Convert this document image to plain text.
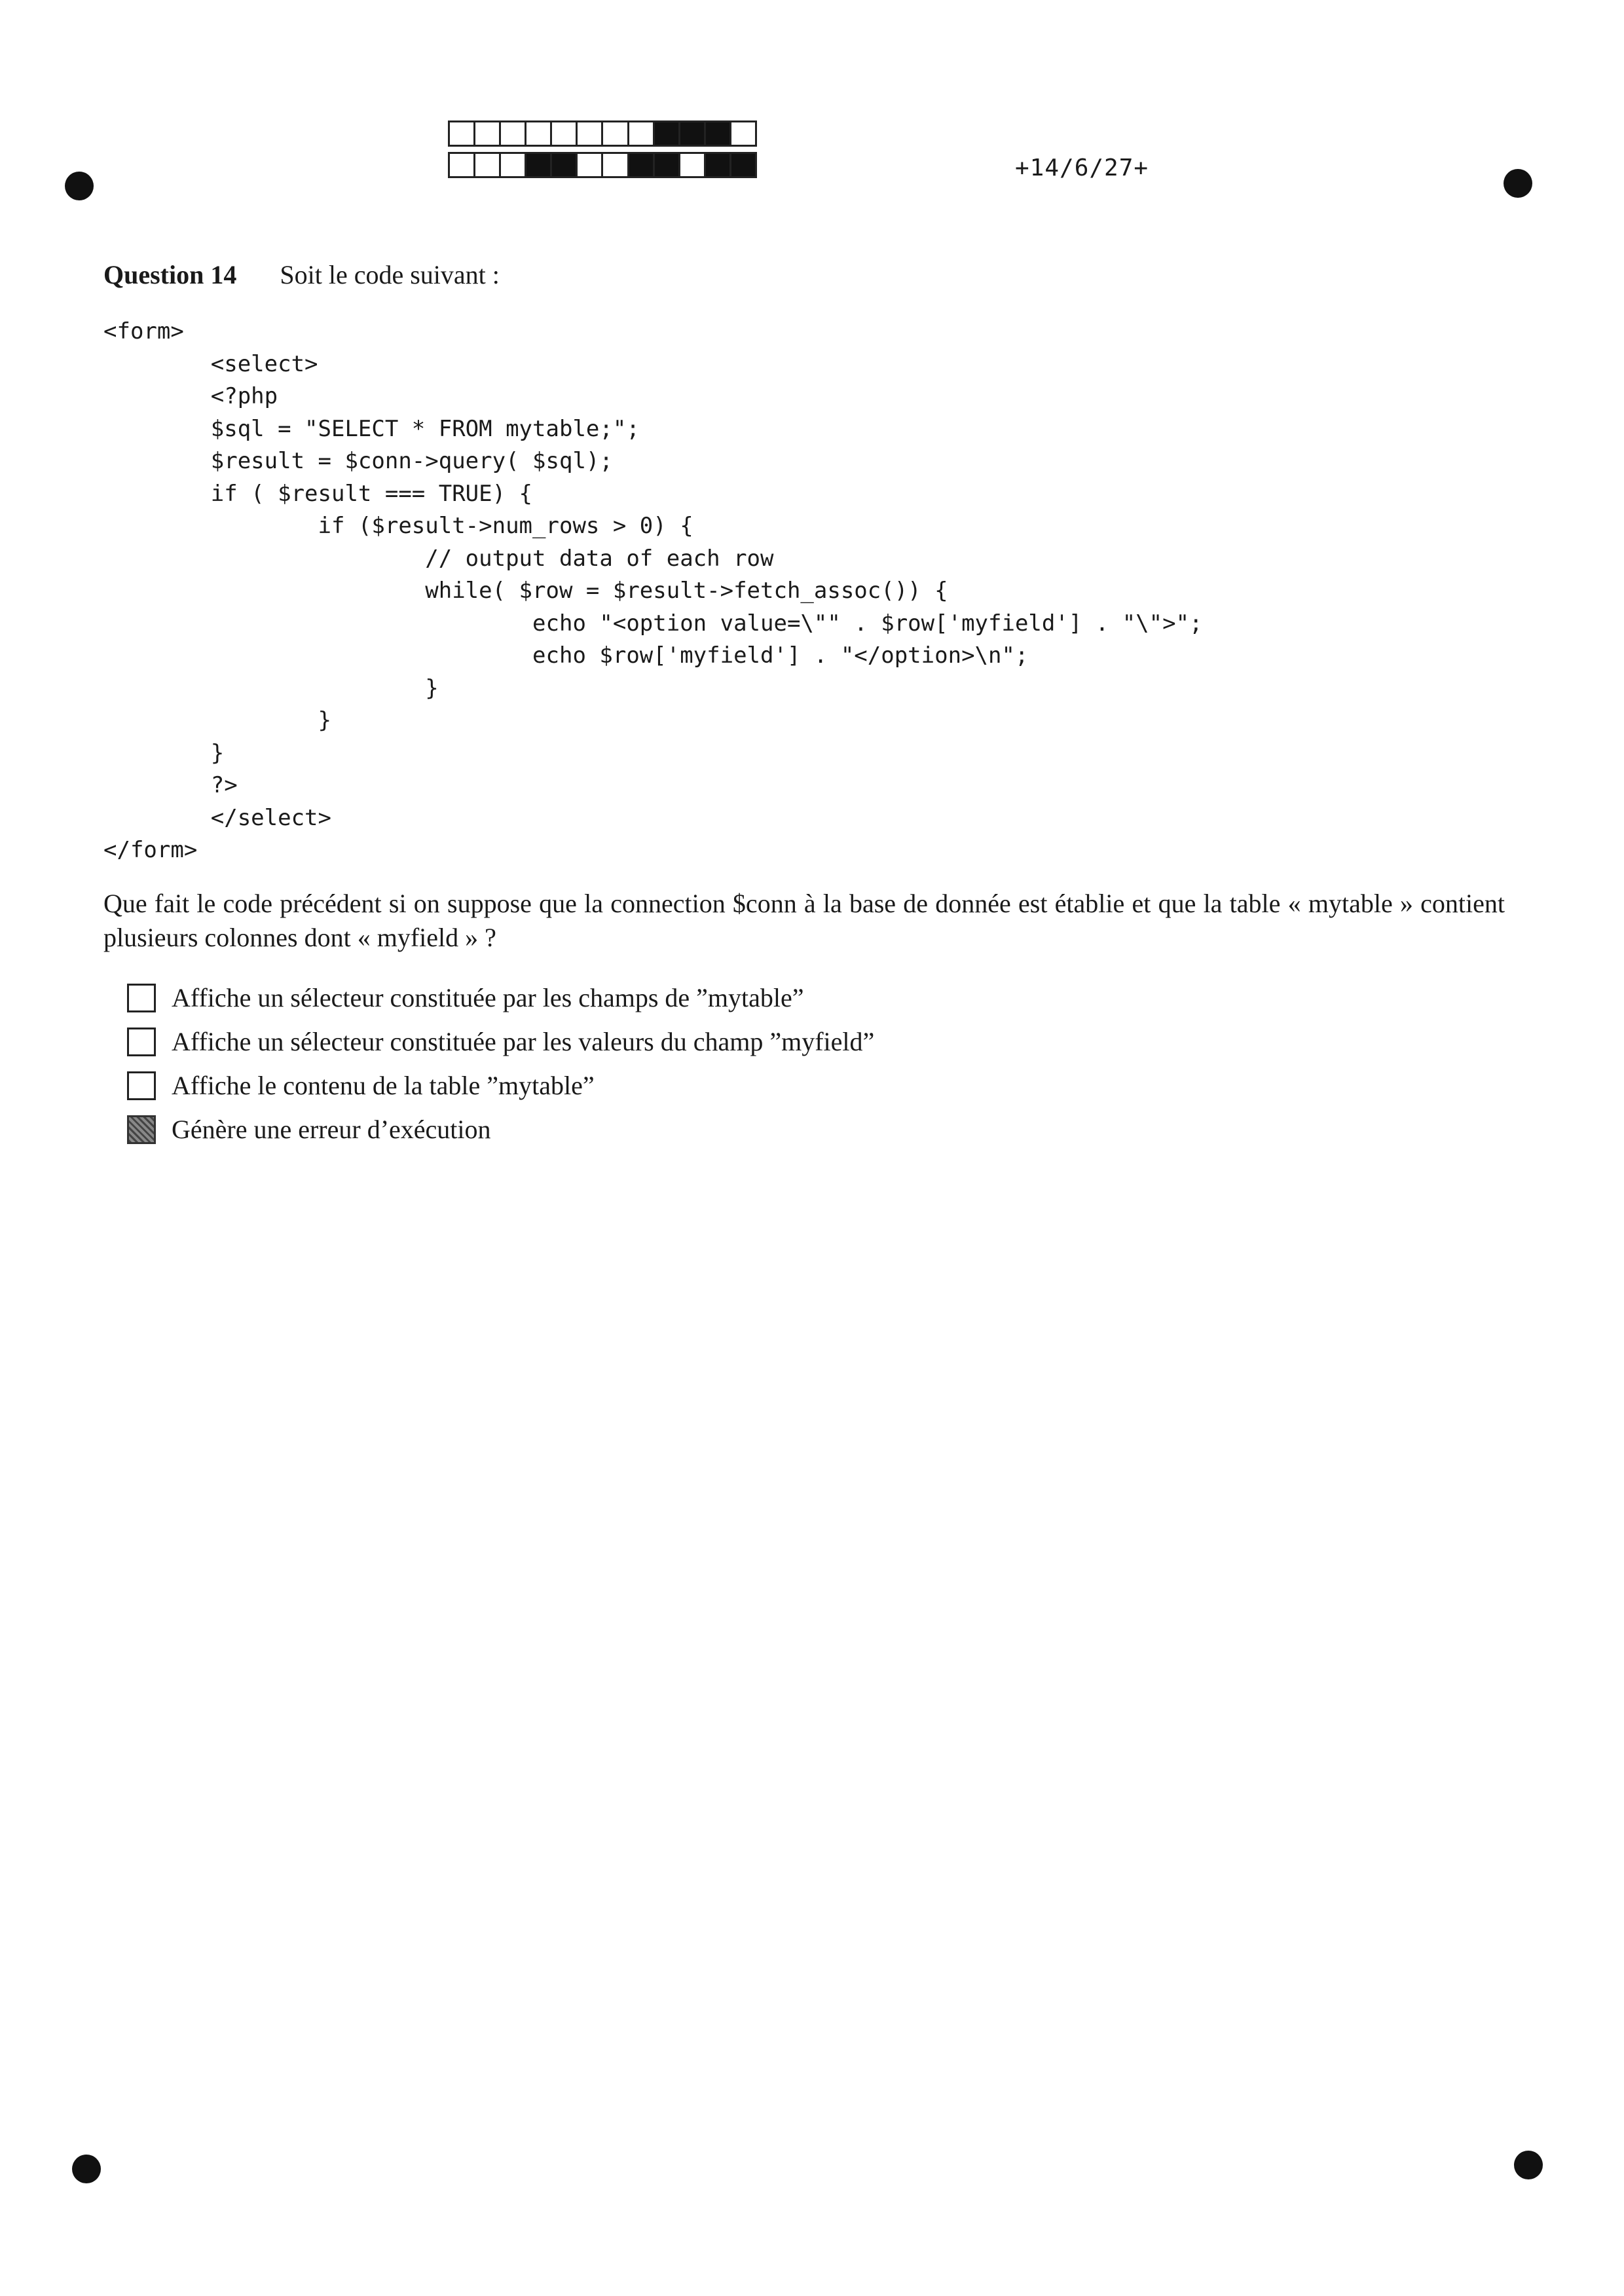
+14/6/27+
Question 14 Soit le code suivant :
<form>
<select>
<?php
$sql = "SELECT * FROM mytable;";
$result = $conn->query( $sql);
if ( $result === TRUE) {
if ($result->num_rows > 0) {
// output data of each row
while( $row = $result->fetch_assoc()) {
echo "<option value=\"" . $row['myfield'] . "\">";
echo $row['myfield'] . "</option>\n";
}
}
}
?>
</select>
</form>
Que fait le code précédent si on suppose que la connection $conn à la base de donnée est établie et que la table « mytable » contient plusieurs colonnes dont « myfield » ?
Affiche un sélecteur constituée par les champs de ”mytable”
Affiche un sélecteur constituée par les valeurs du champ ”myfield”
Affiche le contenu de la table ”mytable”
Génère une erreur d’exécution
